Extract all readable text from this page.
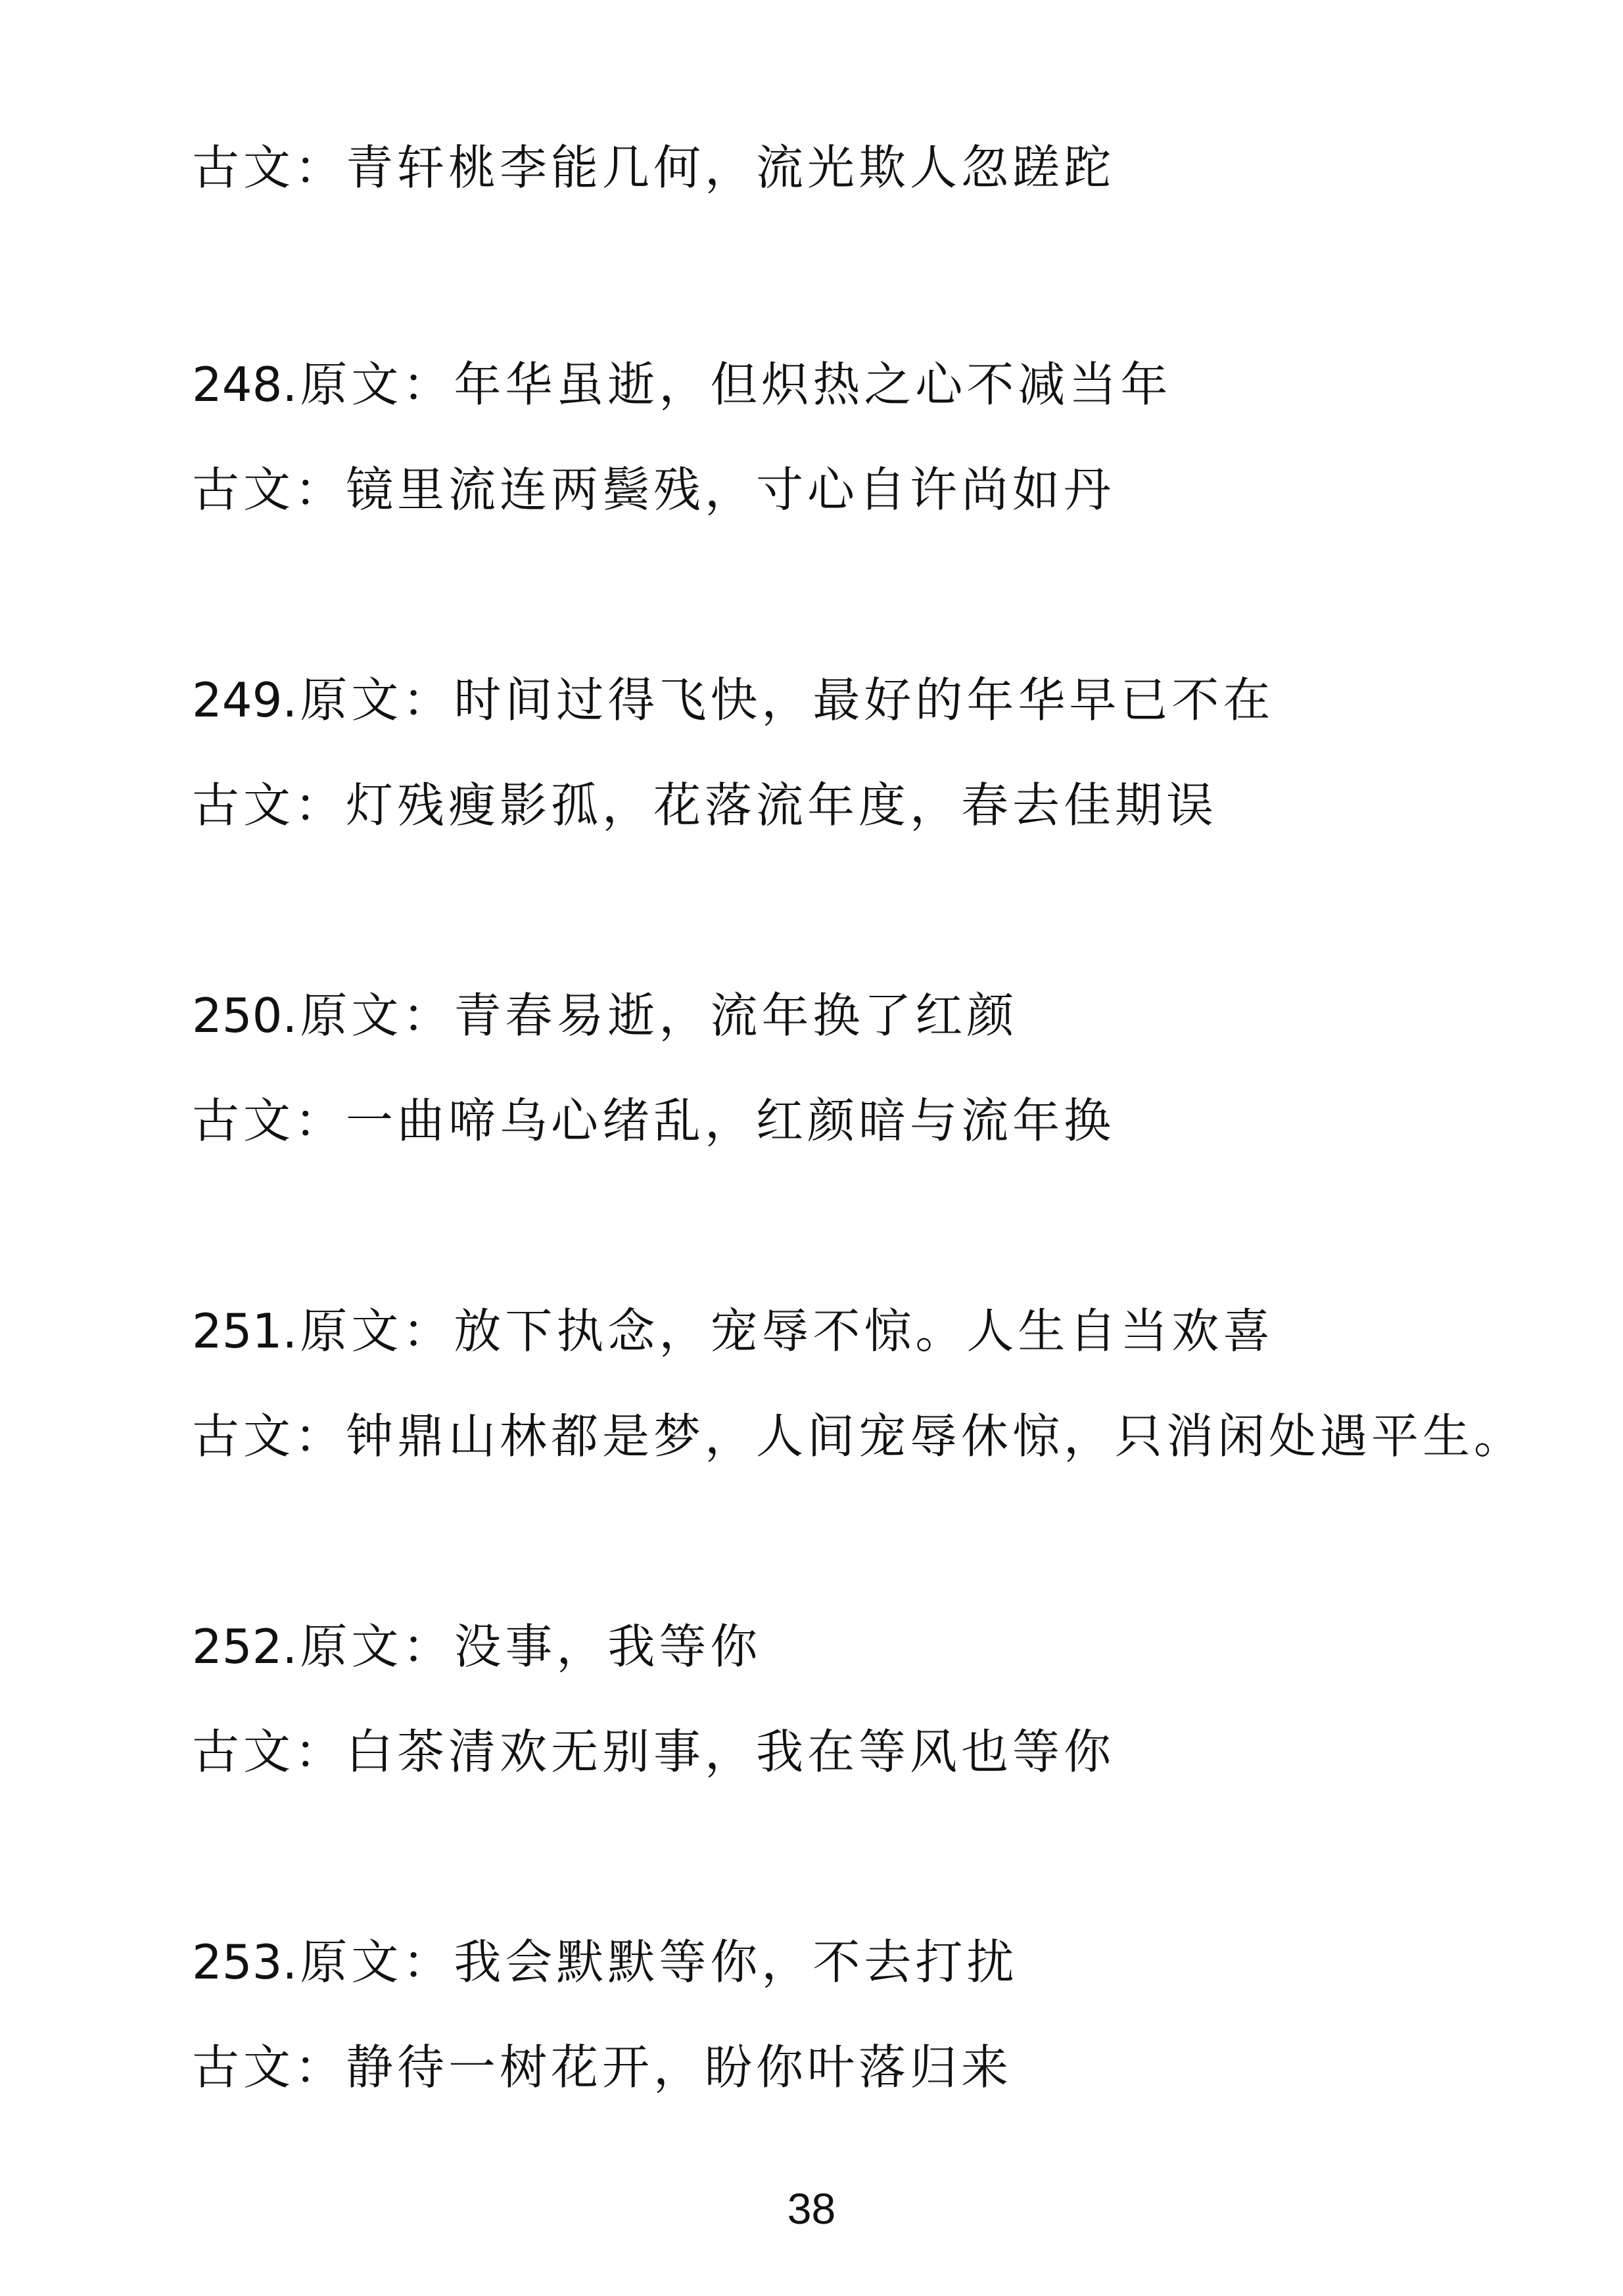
古文：青轩桃李能几何，流光欺人忽蹉跎
248.原文：年华虽逝，但炽热之心不减当年
古文：镜里流连两鬓残，寸心自许尚如丹
249.原文：时间过得飞快，最好的年华早已不在
古文：灯残瘦影孤，花落流年度，春去佳期误
250.原文：青春易逝，流年换了红颜
古文：一曲啼乌心绪乱，红颜暗与流年换
251.原文：放下执念，宠辱不惊。人生自当欢喜
古文：钟鼎山林都是梦，人间宠辱休惊，只消闲处遇平生。
252.原文：没事，我等你
古文：白茶清欢无别事，我在等风也等你
253.原文：我会默默等你，不去打扰
古文：静待一树花开，盼你叶落归来
38
